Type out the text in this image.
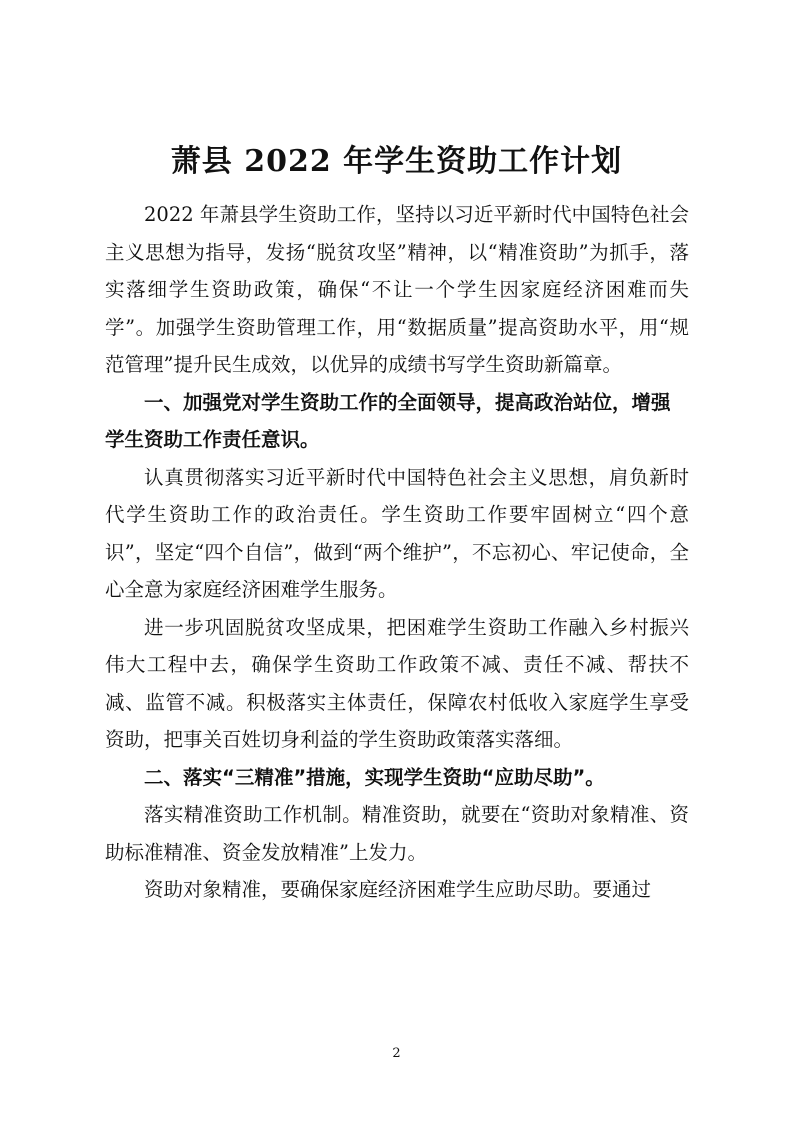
萧县 2022 年学生资助工作计划

2022 年萧县学生资助工作，坚持以习近平新时代中国特色社会主义思想为指导，发扬“脱贫攻坚”精神，以“精准资助”为抓手，落实落细学生资助政策，确保“不让一个学生因家庭经济困难而失学”。加强学生资助管理工作，用“数据质量”提高资助水平，用“规范管理”提升民生成效，以优异的成绩书写学生资助新篇章。

一、加强党对学生资助工作的全面领导，提高政治站位，增强学生资助工作责任意识。

认真贯彻落实习近平新时代中国特色社会主义思想，肩负新时代学生资助工作的政治责任。学生资助工作要牢固树立“四个意识”，坚定“四个自信”，做到“两个维护”，不忘初心、牢记使命，全心全意为家庭经济困难学生服务。

进一步巩固脱贫攻坚成果，把困难学生资助工作融入乡村振兴伟大工程中去，确保学生资助工作政策不减、责任不减、帮扶不减、监管不减。积极落实主体责任，保障农村低收入家庭学生享受资助，把事关百姓切身利益的学生资助政策落实落细。

二、落实“三精准”措施，实现学生资助“应助尽助”。

落实精准资助工作机制。精准资助，就要在“资助对象精准、资助标准精准、资金发放精准”上发力。

资助对象精准，要确保家庭经济困难学生应助尽助。要通过

2
